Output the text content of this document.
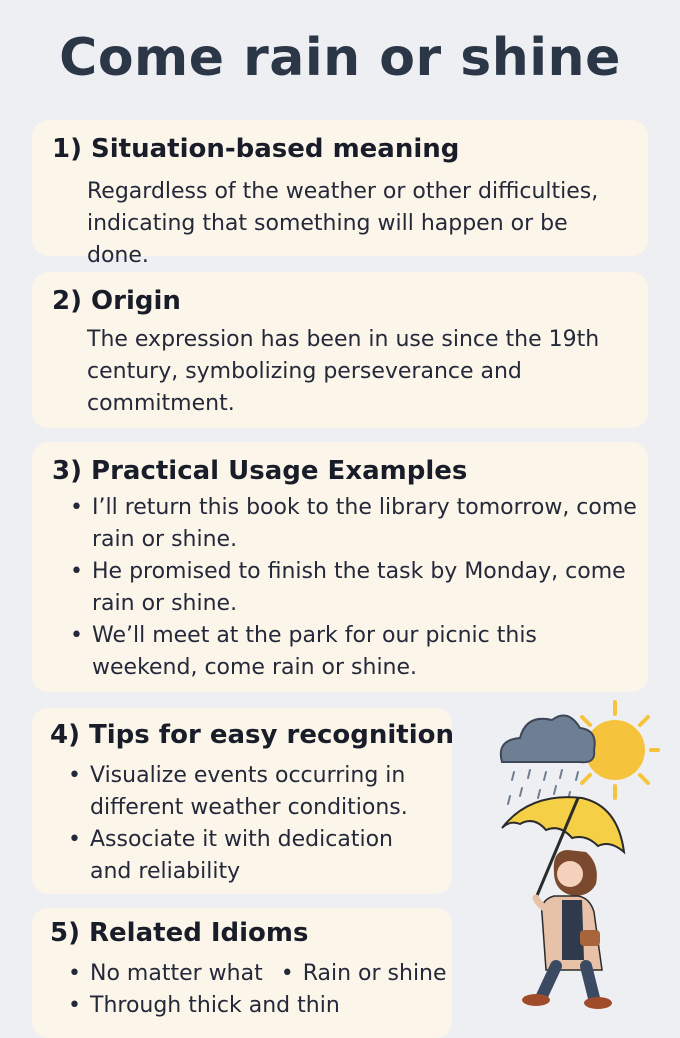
Come rain or shine
1) Situation-based meaning

Regardless of the weather or other difficulties, indicating that something will happen or be done.

2) Origin

The expression has been in use since the 19th century, symbolizing perseverance and commitment.

3) Practical Usage Examples
• I’ll return this book to the library tomorrow, come rain or shine.
• He promised to finish the task by Monday, come rain or shine.
• We’ll meet at the park for our picnic this weekend, come rain or shine.
4) Tips for easy recognition
• Visualize events occurring in different weather conditions.
• Associate it with dedication and reliability
5) Related Idioms
• No matter what• Rain or shine • Through thick and thin
